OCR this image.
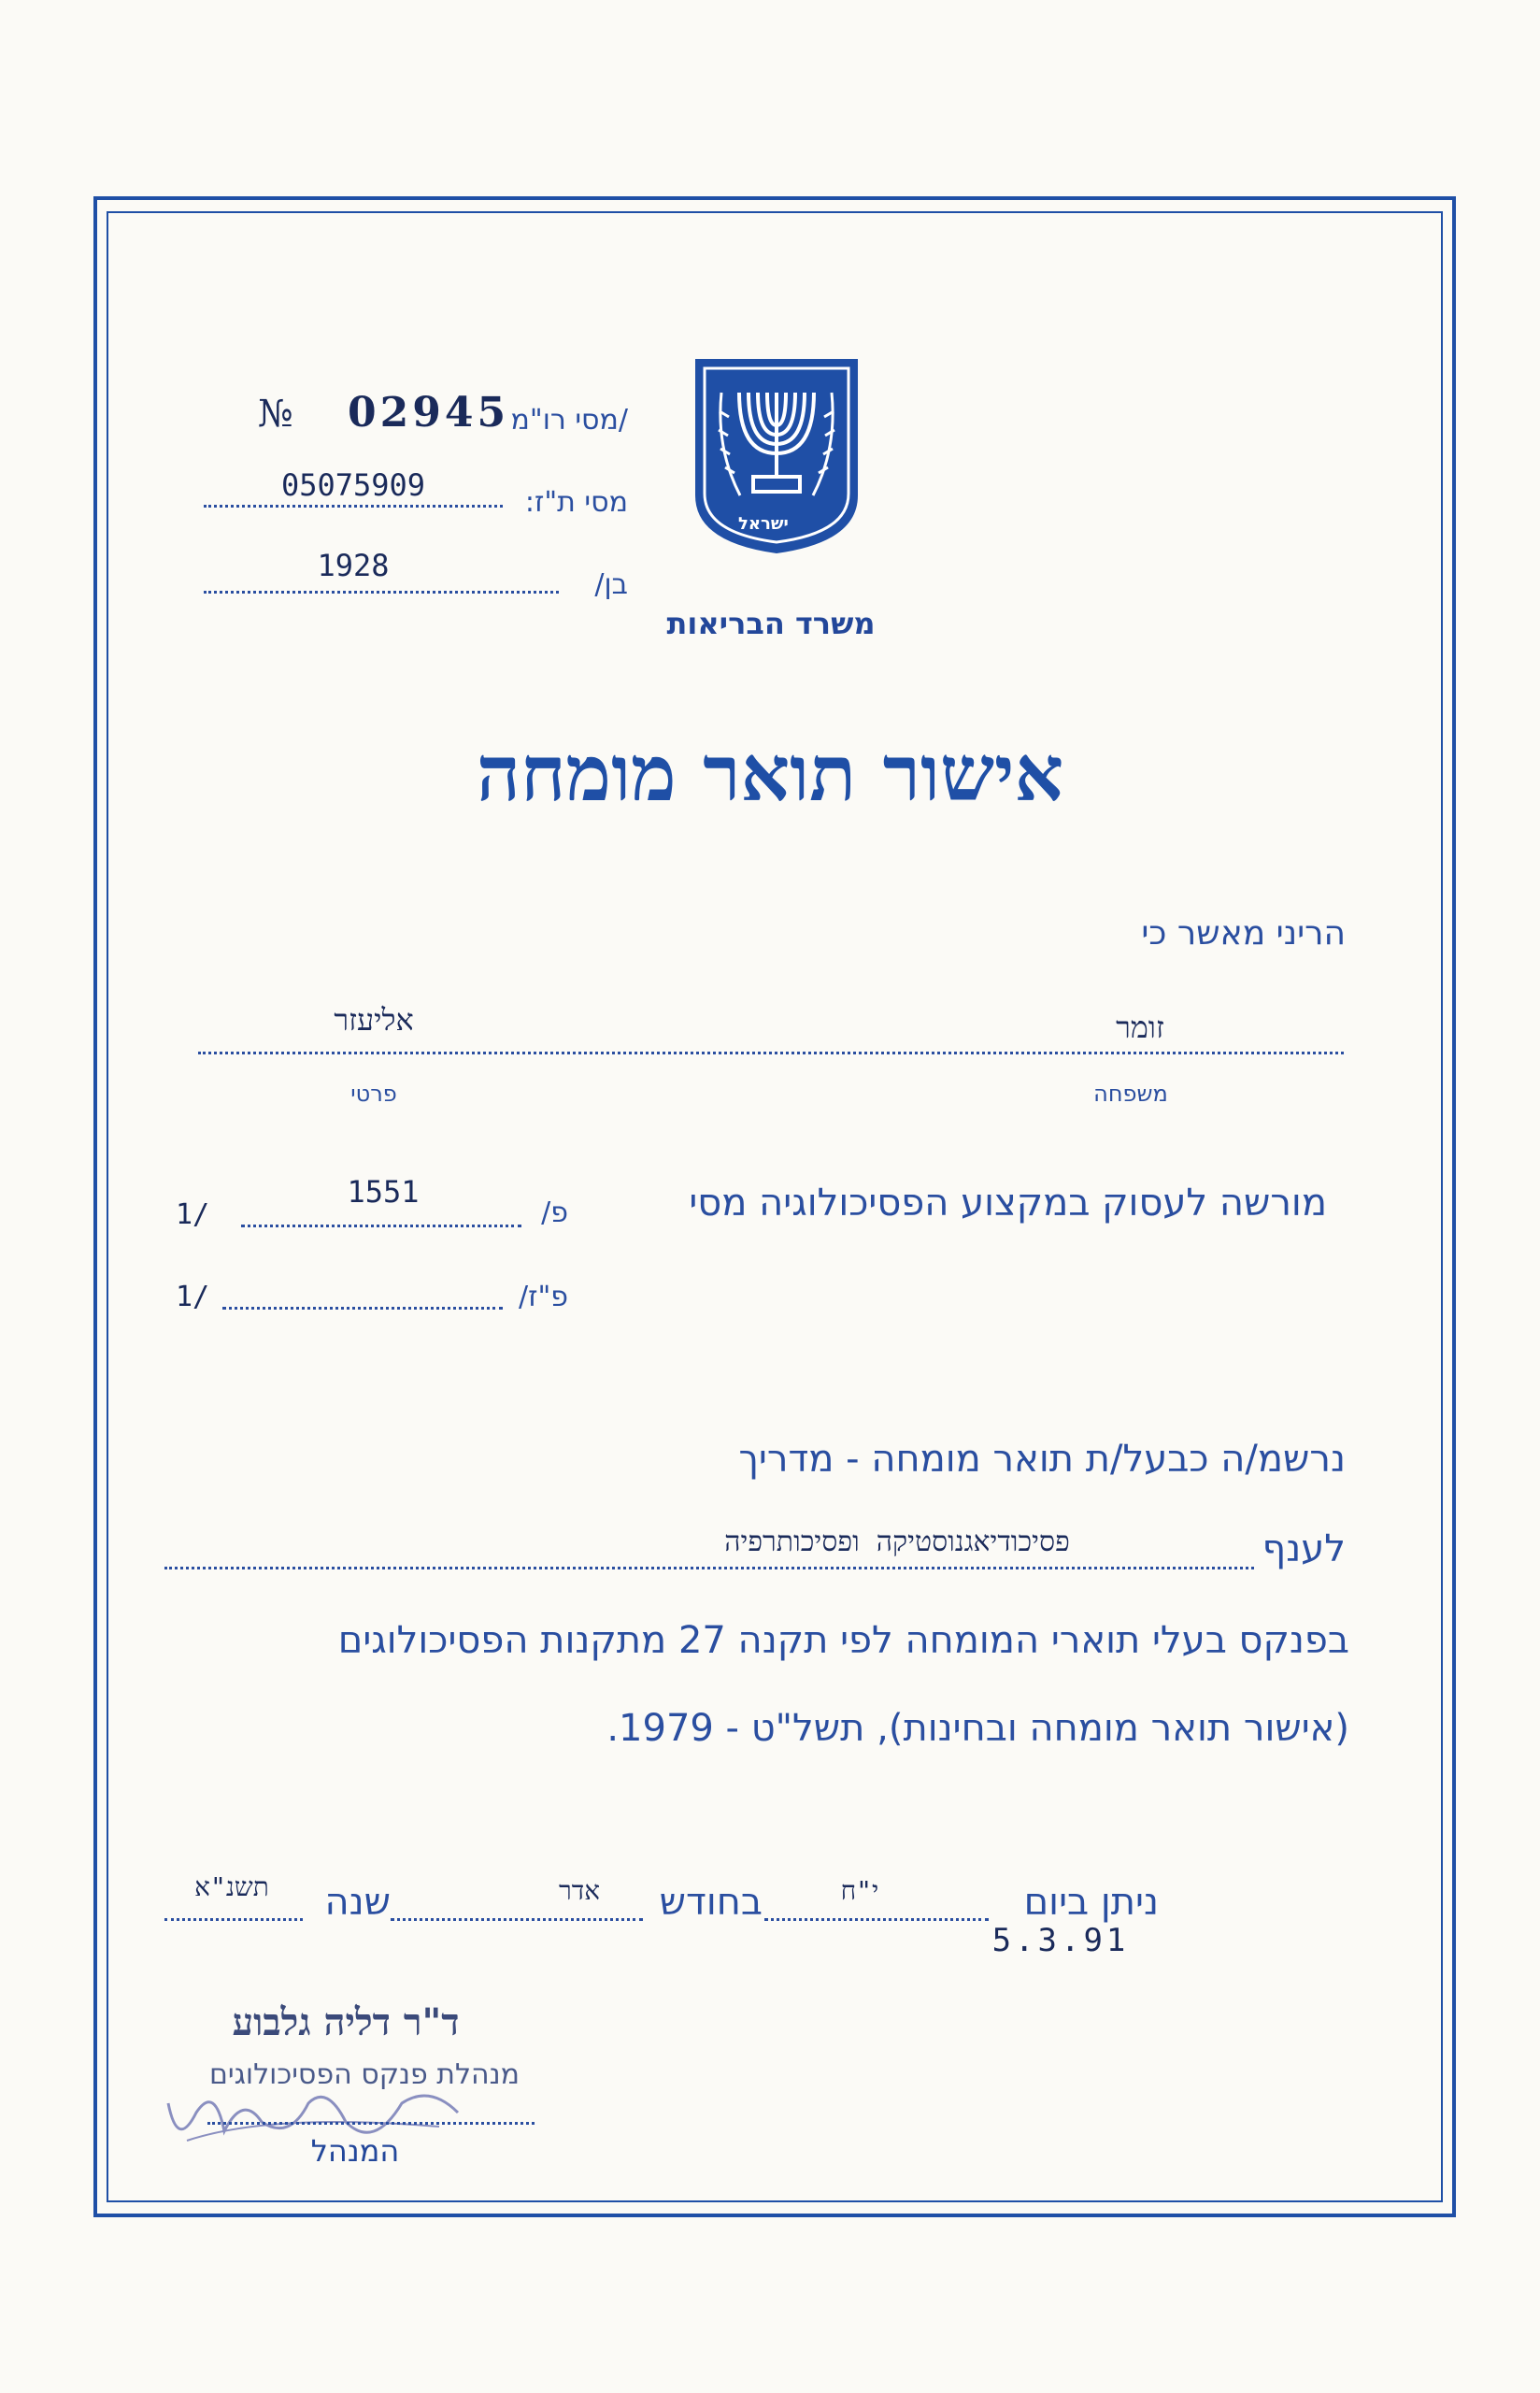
ישראל
משרד הבריאות
№ 02945 /מסי רו"מ
05075909	מסי ת"ז:
1928
בן/
אישור תואר מומחה
הריני מאשר כי
זומר
אליעזר
משפחה
פרטי
מורשה לעסוק במקצוע הפסיכולוגיה מסי
פ/
1551
1/
פ"ז/
1/
נרשמ/ה כבעל/ת תואר מומחה - מדריך
לענף
פסיכודיאגנוסטיקה ופסיכותרפיה
בפנקס בעלי תוארי המומחה לפי תקנה 27 מתקנות הפסיכולוגים
(אישור תואר מומחה ובחינות), תשל"ט - 1979.
ניתן ביום
י"ח
בחודש
אדר
שנה
תשנ"א
5.3.91
ד"ר דליה גלבוע
מנהלת פנקס הפסיכולוגים
המנהל
